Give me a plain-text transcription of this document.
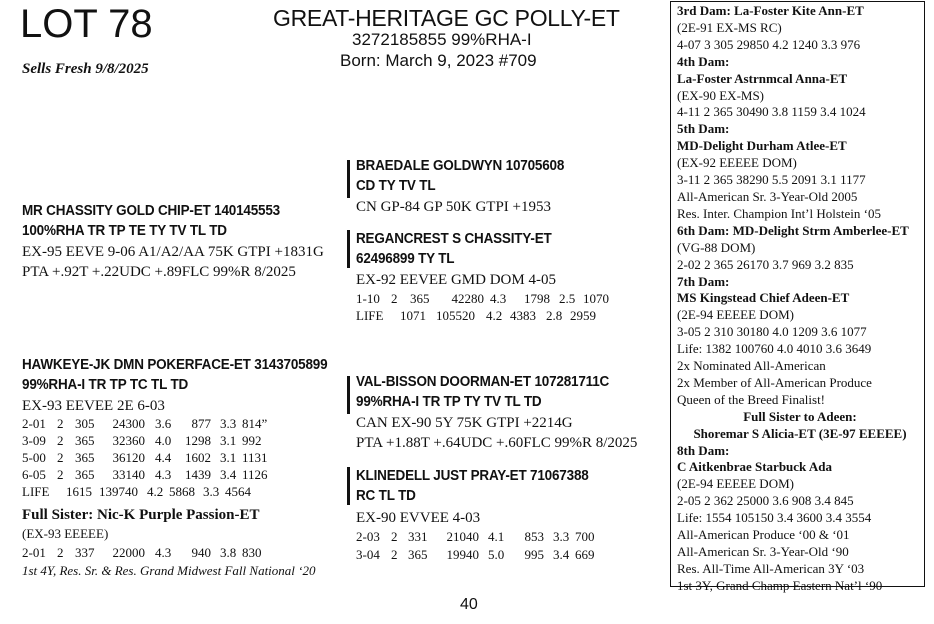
LOT 78
Sells Fresh 9/8/2025
GREAT-HERITAGE GC POLLY-ET
3272185855 99%RHA-I
Born: March 9, 2023 #709
MR CHASSITY GOLD CHIP-ET 140145553
100%RHA TR TP TE TY TV TL TD
EX-95 EEVE 9-06 A1/A2/AA 75K GTPI +1831G
PTA +.92T +.22UDC +.89FLC 99%R 8/2025
BRAEDALE GOLDWYN 10705608
CD TY TV TL
CN GP-84 GP 50K GTPI +1953
REGANCREST S CHASSITY-ET
62496899 TY TL
EX-92 EEVEE GMD DOM 4-05
1-10 2 365 42280 4.3 1798 2.5 1070
LIFE 1071 105520 4.2 4383 2.8 2959
HAWKEYE-JK DMN POKERFACE-ET 3143705899
99%RHA-I TR TP TC TL TD
EX-93 EEVEE 2E 6-03
2-01 2 305 24300 3.6 877 3.3 814”
3-09 2 365 32360 4.0 1298 3.1 992
5-00 2 365 36120 4.4 1602 3.1 1131
6-05 2 365 33140 4.3 1439 3.4 1126
LIFE 1615 139740 4.2 5868 3.3 4564
Full Sister: Nic-K Purple Passion-ET
(EX-93 EEEEE)
2-01 2 337 22000 4.3 940 3.8 830
1st 4Y, Res. Sr. & Res. Grand Midwest Fall National ‘20
VAL-BISSON DOORMAN-ET 107281711C
99%RHA-I TR TP TY TV TL TD
CAN EX-90 5Y 75K GTPI +2214G
PTA +1.88T +.64UDC +.60FLC 99%R 8/2025
KLINEDELL JUST PRAY-ET 71067388
RC TL TD
EX-90 EVVEE 4-03
2-03 2 331 21040 4.1 853 3.3 700
3-04 2 365 19940 5.0 995 3.4 669
3rd Dam: La-Foster Kite Ann-ET
(2E-91 EX-MS RC)
4-07 3 305 29850 4.2 1240 3.3 976
4th Dam:
La-Foster Astrnmcal Anna-ET
(EX-90 EX-MS)
4-11 2 365 30490 3.8 1159 3.4 1024
5th Dam:
MD-Delight Durham Atlee-ET
(EX-92 EEEEE DOM)
3-11 2 365 38290 5.5 2091 3.1 1177
All-American Sr. 3-Year-Old 2005
Res. Inter. Champion Int’l Holstein ‘05
6th Dam: MD-Delight Strm Amberlee-ET
(VG-88 DOM)
2-02 2 365 26170 3.7 969 3.2 835
7th Dam:
MS Kingstead Chief Adeen-ET
(2E-94 EEEEE DOM)
3-05 2 310 30180 4.0 1209 3.6 1077
Life: 1382 100760 4.0 4010 3.6 3649
2x Nominated All-American
2x Member of All-American Produce
Queen of the Breed Finalist!
Full Sister to Adeen:
Shoremar S Alicia-ET (3E-97 EEEEE)
8th Dam:
C Aitkenbrae Starbuck Ada
(2E-94 EEEEE DOM)
2-05 2 362 25000 3.6 908 3.4 845
Life: 1554 105150 3.4 3600 3.4 3554
All-American Produce ‘00 & ‘01
All-American Sr. 3-Year-Old ‘90
Res. All-Time All-American 3Y ‘03
1st 3Y, Grand Champ Eastern Nat’l ‘90
40
